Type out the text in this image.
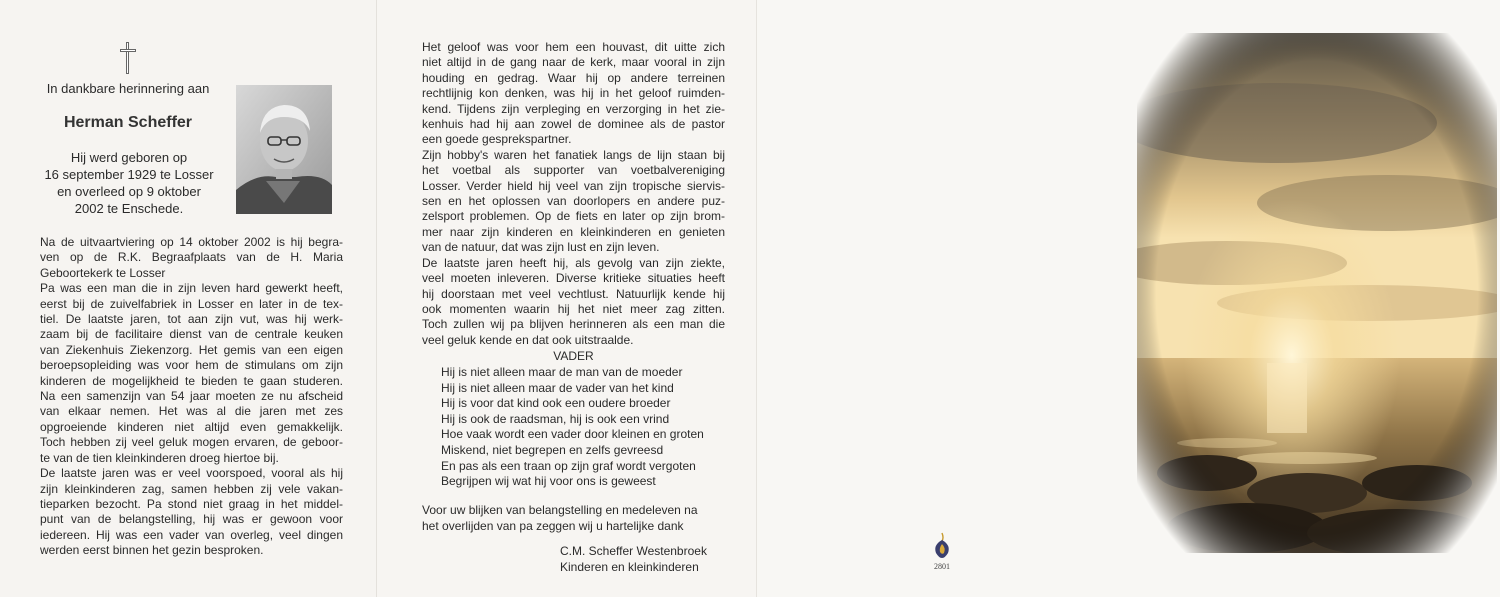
In dankbare herinnering aan
Herman Scheffer
Hij werd geboren op
16 september 1929 te Losser
en overleed op 9 oktober
2002 te Enschede.
Na de uitvaartviering op 14 oktober 2002 is hij begra-
ven op de R.K. Begraafplaats van de H. Maria
Geboortekerk te Losser
Pa was een man die in zijn leven hard gewerkt heeft,
eerst bij de zuivelfabriek in Losser en later in de tex-
tiel. De laatste jaren, tot aan zijn vut, was hij werk-
zaam bij de facilitaire dienst van de centrale keuken
van Ziekenhuis Ziekenzorg. Het gemis van een eigen
beroepsopleiding was voor hem de stimulans om zijn
kinderen de mogelijkheid te bieden te gaan studeren.
Na een samenzijn van 54 jaar moeten ze nu afscheid
van elkaar nemen. Het was al die jaren met zes
opgroeiende kinderen niet altijd even gemakkelijk.
Toch hebben zij veel geluk mogen ervaren, de geboor-
te van de tien kleinkinderen droeg hiertoe bij.
De laatste jaren was er veel voorspoed, vooral als hij
zijn kleinkinderen zag, samen hebben zij vele vakan-
tieparken bezocht. Pa stond niet graag in het middel-
punt van de belangstelling, hij was er gewoon voor
iedereen. Hij was een vader van overleg, veel dingen
werden eerst binnen het gezin besproken.
Het geloof was voor hem een houvast, dit uitte zich
niet altijd in de gang naar de kerk, maar vooral in zijn
houding en gedrag. Waar hij op andere terreinen
rechtlijnig kon denken, was hij in het geloof ruimden-
kend. Tijdens zijn verpleging en verzorging in het zie-
kenhuis had hij aan zowel de dominee als de pastor
een goede gesprekspartner.
Zijn hobby's waren het fanatiek langs de lijn staan bij
het voetbal als supporter van voetbalvereniging
Losser. Verder hield hij veel van zijn tropische siervis-
sen en het oplossen van doorlopers en andere puz-
zelsport problemen. Op de fiets en later op zijn brom-
mer naar zijn kinderen en kleinkinderen en genieten
van de natuur, dat was zijn lust en zijn leven.
De laatste jaren heeft hij, als gevolg van zijn ziekte,
veel moeten inleveren. Diverse kritieke situaties heeft
hij doorstaan met veel vechtlust. Natuurlijk kende hij
ook momenten waarin hij het niet meer zag zitten.
Toch zullen wij pa blijven herinneren als een man die
veel geluk kende en dat ook uitstraalde.
VADER
Hij is niet alleen maar de man van de moeder
Hij is niet alleen maar de vader van het kind
Hij is voor dat kind ook een oudere broeder
Hij is ook de raadsman, hij is ook een vrind
Hoe vaak wordt een vader door kleinen en groten
Miskend, niet begrepen en zelfs gevreesd
En pas als een traan op zijn graf wordt vergoten
Begrijpen wij wat hij voor ons is geweest
Voor uw blijken van belangstelling en medeleven na
het overlijden van pa zeggen wij u hartelijke dank
C.M. Scheffer Westenbroek
Kinderen en kleinkinderen	2801
